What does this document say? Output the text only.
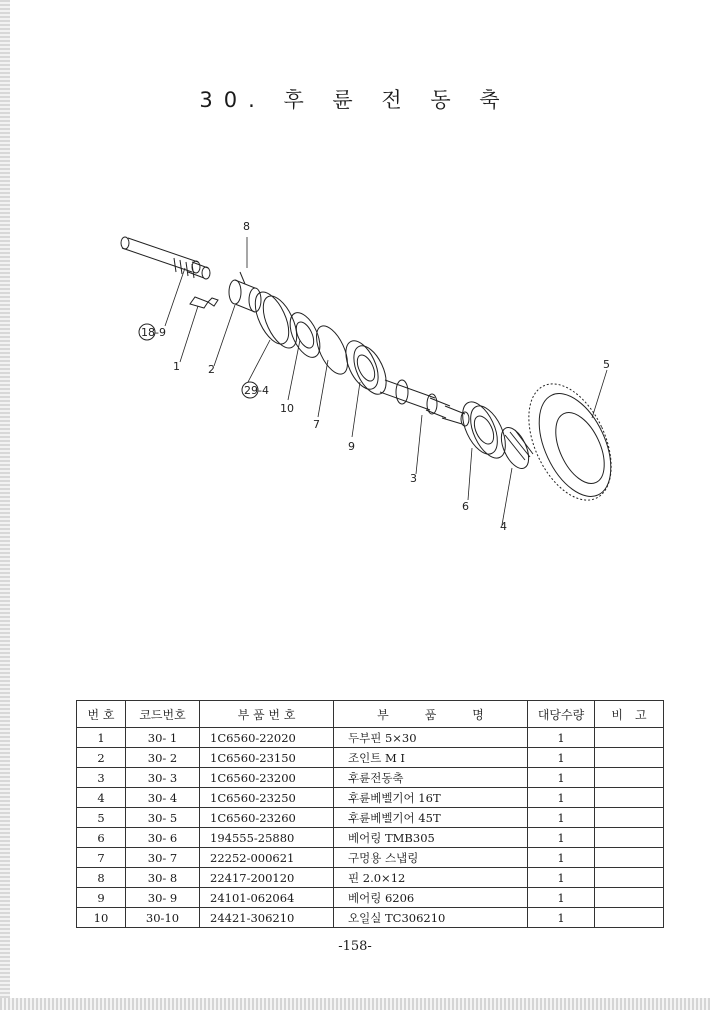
30. 후 륜 전 동 축
8
18-9
1	2
29-4
10
7
9
3
6
4
5
번 호	코드번호	부 품 번 호	부　　　품　　　명	대당수량	비　고
1	30- 1	1C6560-22020	두부핀 5×30	1	
2	30- 2	1C6560-23150	조인트 M I	1	
3	30- 3	1C6560-23200	후륜전동축	1	
4	30- 4	1C6560-23250	후륜베벨기어 16T	1	
5	30- 5	1C6560-23260	후륜베벨기어 45T	1	
6	30- 6	194555-25880	베어링 TMB305	1	
7	30- 7	22252-000621	구멍용 스냅링	1	
8	30- 8	22417-200120	핀 2.0×12	1	
9	30- 9	24101-062064	베어링 6206	1	
10	30-10	24421-306210	오일실 TC306210	1	
-158-
